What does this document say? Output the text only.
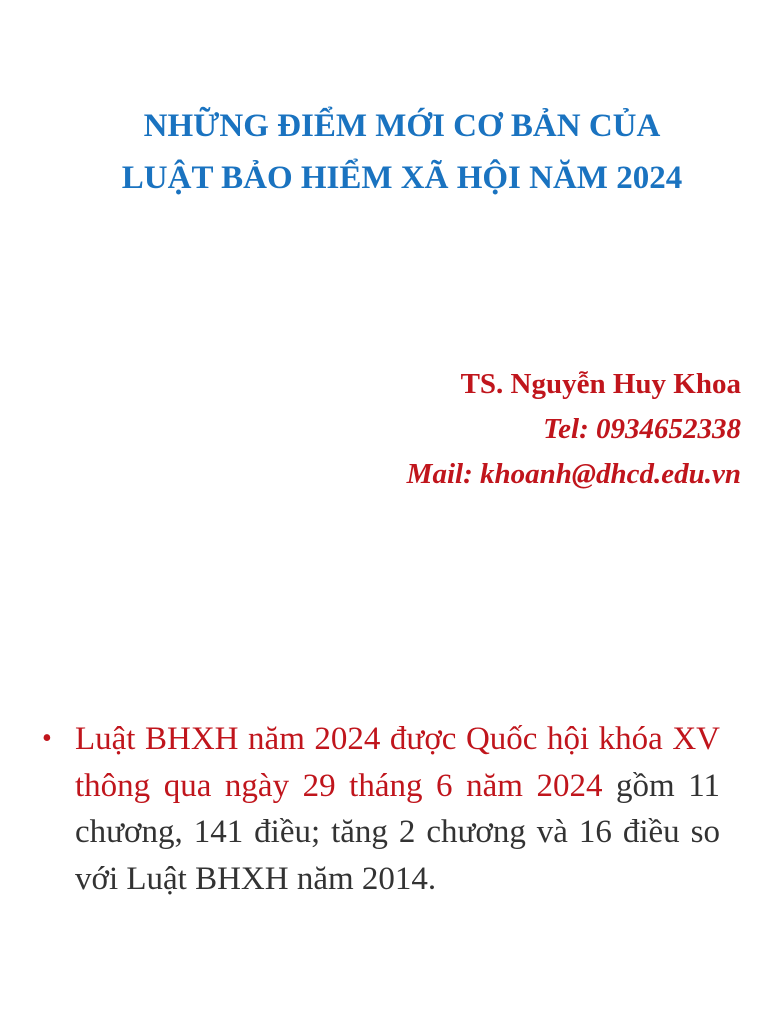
NHỮNG ĐIỂM MỚI CƠ BẢN CỦA
LUẬT BẢO HIỂM XÃ HỘI NĂM 2024
TS. Nguyễn Huy Khoa
Tel: 0934652338
Mail: khoanh@dhcd.edu.vn
• Luật BHXH năm 2024 được Quốc hội khóa XV thông qua ngày 29 tháng 6 năm 2024 gồm 11 chương, 141 điều; tăng 2 chương và 16 điều so với Luật BHXH năm 2014.
